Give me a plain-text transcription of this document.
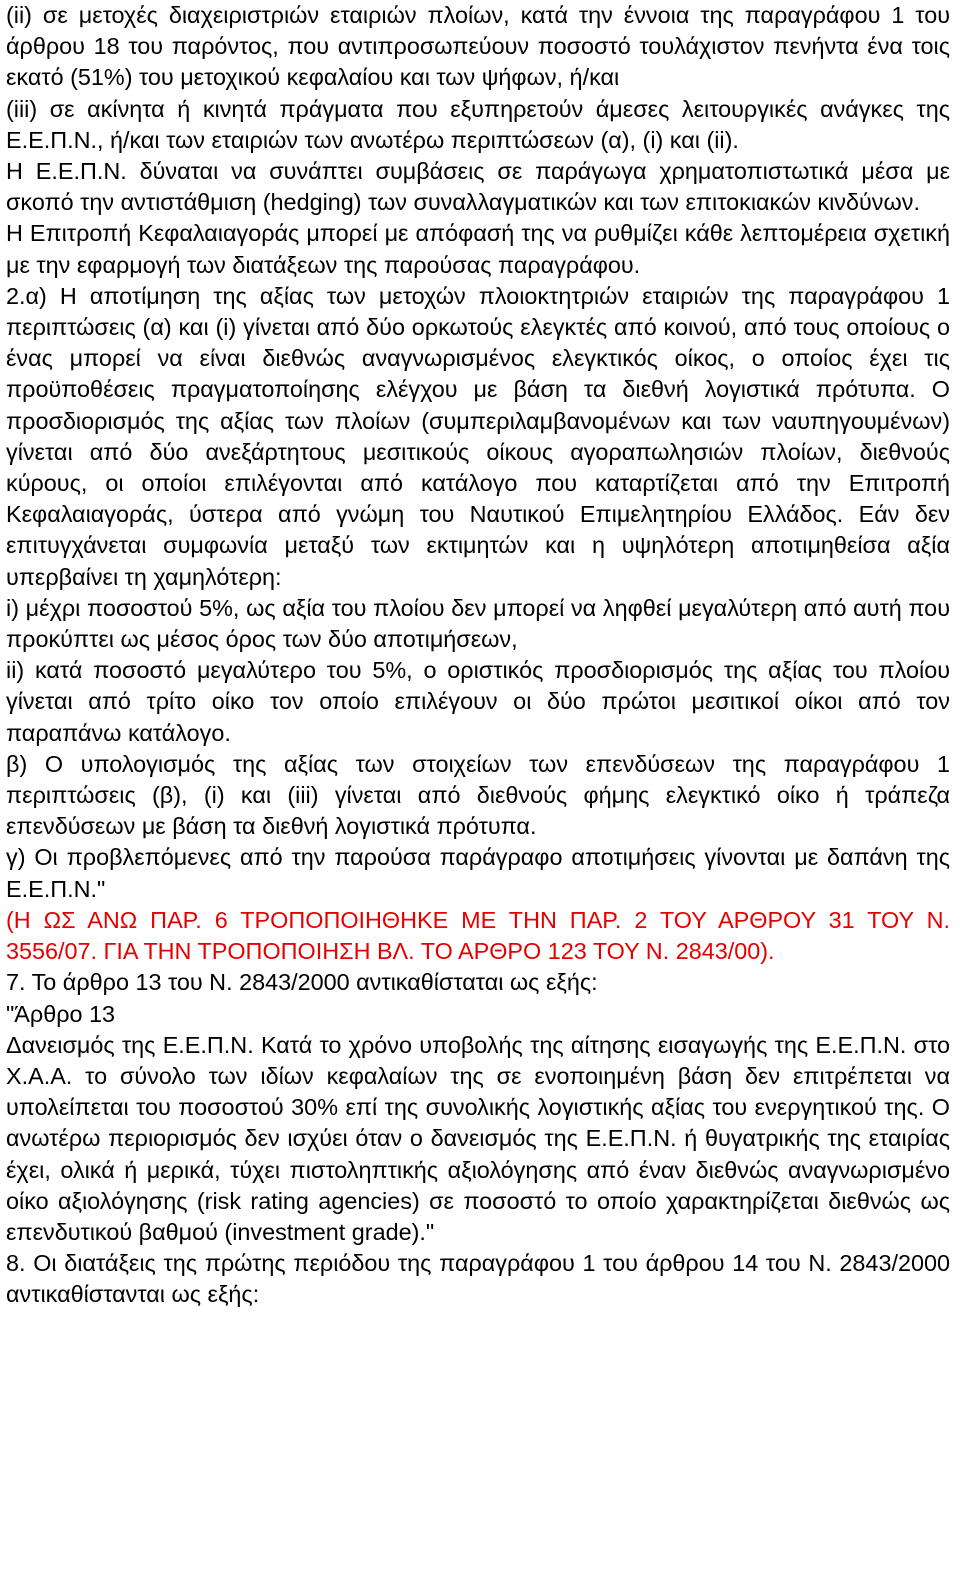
(ii) σε μετοχές διαχειριστριών εταιριών πλοίων, κατά την έννοια της παραγράφου 1 του άρθρου 18 του παρόντος, που αντιπροσωπεύουν ποσοστό τουλάχιστον πενήντα ένα τοις εκατό (51%) του μετοχικού κεφαλαίου και των ψήφων, ή/και

(iii) σε ακίνητα ή κινητά πράγματα που εξυπηρετούν άμεσες λειτουργικές ανάγκες της Ε.Ε.Π.Ν., ή/και των εταιριών των ανωτέρω περιπτώσεων (α), (i) και (ii).

Η Ε.Ε.Π.Ν. δύναται να συνάπτει συμβάσεις σε παράγωγα χρηματοπιστωτικά μέσα με σκοπό την αντιστάθμιση (hedging) των συναλλαγματικών και των επιτοκιακών κινδύνων.

Η Επιτροπή Κεφαλαιαγοράς μπορεί με απόφασή της να ρυθμίζει κάθε λεπτομέρεια σχετική με την εφαρμογή των διατάξεων της παρούσας παραγράφου.

2.α) Η αποτίμηση της αξίας των μετοχών πλοιοκτητριών εταιριών της παραγράφου 1 περιπτώσεις (α) και (i) γίνεται από δύο ορκωτούς ελεγκτές από κοινού, από τους οποίους ο ένας μπορεί να είναι διεθνώς αναγνωρισμένος ελεγκτικός οίκος, ο οποίος έχει τις προϋποθέσεις πραγματοποίησης ελέγχου με βάση τα διεθνή λογιστικά πρότυπα. Ο προσδιορισμός της αξίας των πλοίων (συμπεριλαμβανομένων και των ναυπηγουμένων) γίνεται από δύο ανεξάρτητους μεσιτικούς οίκους αγοραπωλησιών πλοίων, διεθνούς κύρους, οι οποίοι επιλέγονται από κατάλογο που καταρτίζεται από την Επιτροπή Κεφαλαιαγοράς, ύστερα από γνώμη του Ναυτικού Επιμελητηρίου Ελλάδος. Εάν δεν επιτυγχάνεται συμφωνία μεταξύ των εκτιμητών και η υψηλότερη αποτιμηθείσα αξία υπερβαίνει τη χαμηλότερη:

i) μέχρι ποσοστού 5%, ως αξία του πλοίου δεν μπορεί να ληφθεί μεγαλύτερη από αυτή που προκύπτει ως μέσος όρος των δύο αποτιμήσεων,

ii) κατά ποσοστό μεγαλύτερο του 5%, ο οριστικός προσδιορισμός της αξίας του πλοίου γίνεται από τρίτο οίκο τον οποίο επιλέγουν οι δύο πρώτοι μεσιτικοί οίκοι από τον παραπάνω κατάλογο.

β) Ο υπολογισμός της αξίας των στοιχείων των επενδύσεων της παραγράφου 1 περιπτώσεις (β), (i) και (iii) γίνεται από διεθνούς φήμης ελεγκτικό οίκο ή τράπεζα επενδύσεων με βάση τα διεθνή λογιστικά πρότυπα.

γ) Οι προβλεπόμενες από την παρούσα παράγραφο αποτιμήσεις γίνονται με δαπάνη της Ε.Ε.Π.Ν."

(Η ΩΣ ΑΝΩ ΠΑΡ. 6 ΤΡΟΠΟΠΟΙΗΘΗΚΕ ΜΕ ΤΗΝ ΠΑΡ. 2 ΤΟΥ ΑΡΘΡΟΥ 31 ΤΟΥ Ν. 3556/07. ΓΙΑ ΤΗΝ ΤΡΟΠΟΠΟΙΗΣΗ ΒΛ. ΤΟ ΑΡΘΡΟ 123 ΤΟΥ Ν. 2843/00).

7. Το άρθρο 13 του Ν. 2843/2000 αντικαθίσταται ως εξής:

"Άρθρο 13

Δανεισμός της Ε.Ε.Π.Ν. Κατά το χρόνο υποβολής της αίτησης εισαγωγής της Ε.Ε.Π.Ν. στο Χ.Α.Α. το σύνολο των ιδίων κεφαλαίων της σε ενοποιημένη βάση δεν επιτρέπεται να υπολείπεται του ποσοστού 30% επί της συνολικής λογιστικής αξίας του ενεργητικού της. Ο ανωτέρω περιορισμός δεν ισχύει όταν ο δανεισμός της Ε.Ε.Π.Ν. ή θυγατρικής της εταιρίας έχει, ολικά ή μερικά, τύχει πιστοληπτικής αξιολόγησης από έναν διεθνώς αναγνωρισμένο οίκο αξιολόγησης (risk rating agencies) σε ποσοστό το οποίο χαρακτηρίζεται διεθνώς ως επενδυτικού βαθμού (investment grade)."

8. Οι διατάξεις της πρώτης περιόδου της παραγράφου 1 του άρθρου 14 του Ν. 2843/2000 αντικαθίστανται ως εξής:
